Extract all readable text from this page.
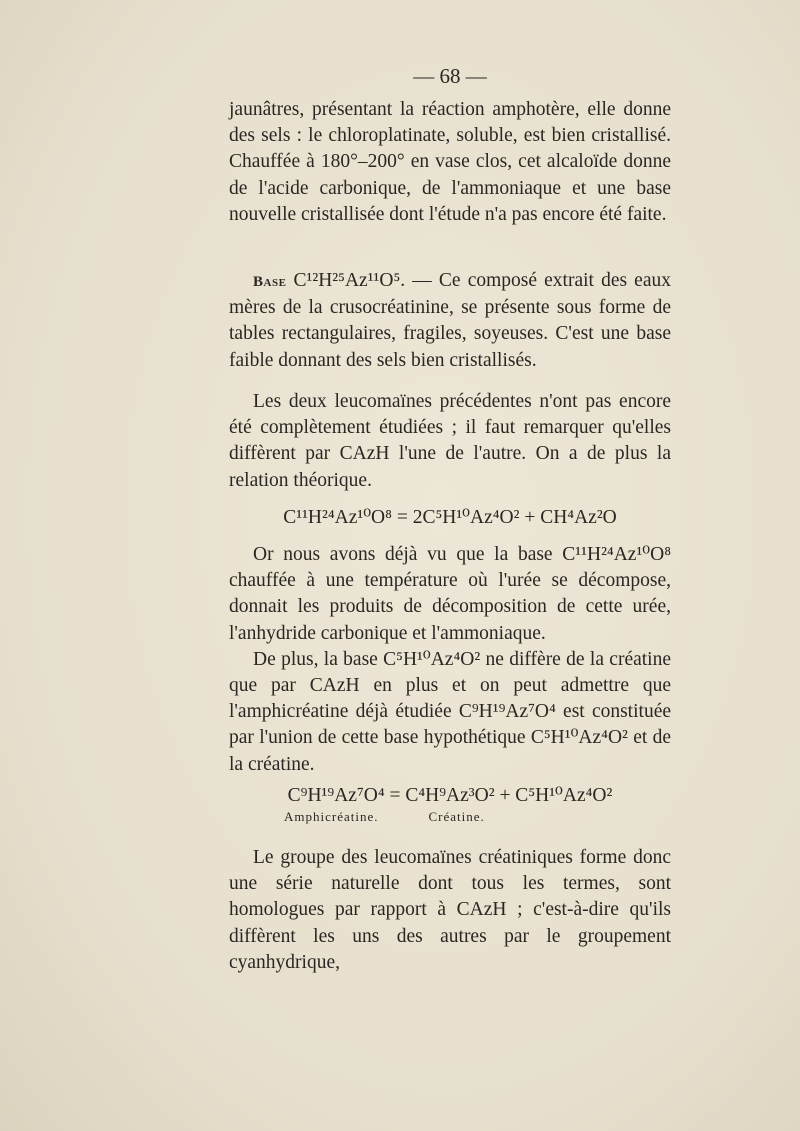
— 68 —

jaunâtres, présentant la réaction amphotère, elle donne des sels : le chloroplatinate, soluble, est bien cristallisé. Chauffée à 180°–200° en vase clos, cet alcaloïde donne de l'acide carbonique, de l'ammoniaque et une base nouvelle cristallisée dont l'étude n'a pas encore été faite.

Base C¹²H²⁵Az¹¹O⁵. — Ce composé extrait des eaux mères de la crusocréatinine, se présente sous forme de tables rectangulaires, fragiles, soyeuses. C'est une base faible donnant des sels bien cristallisés.

Les deux leucomaïnes précédentes n'ont pas encore été complètement étudiées ; il faut remarquer qu'elles diffèrent par CAzH l'une de l'autre. On a de plus la relation théorique.

C¹¹H²⁴Az¹⁰O⁸ = 2C⁵H¹⁰Az⁴O² + CH⁴Az²O

Or nous avons déjà vu que la base C¹¹H²⁴Az¹⁰O⁸ chauffée à une température où l'urée se décompose, donnait les produits de décomposition de cette urée, l'anhydride carbonique et l'ammoniaque.

De plus, la base C⁵H¹⁰Az⁴O² ne diffère de la créatine que par CAzH en plus et on peut admettre que l'amphicréatine déjà étudiée C⁹H¹⁹Az⁷O⁴ est constituée par l'union de cette base hypothétique C⁵H¹⁰Az⁴O² et de la créatine.

C⁹H¹⁹Az⁷O⁴ = C⁴H⁹Az³O² + C⁵H¹⁰Az⁴O²
Amphicréatine.	Créatine.

Le groupe des leucomaïnes créatiniques forme donc une série naturelle dont tous les termes, sont homologues par rapport à CAzH ; c'est-à-dire qu'ils diffèrent les uns des autres par le groupement cyanhydrique,
